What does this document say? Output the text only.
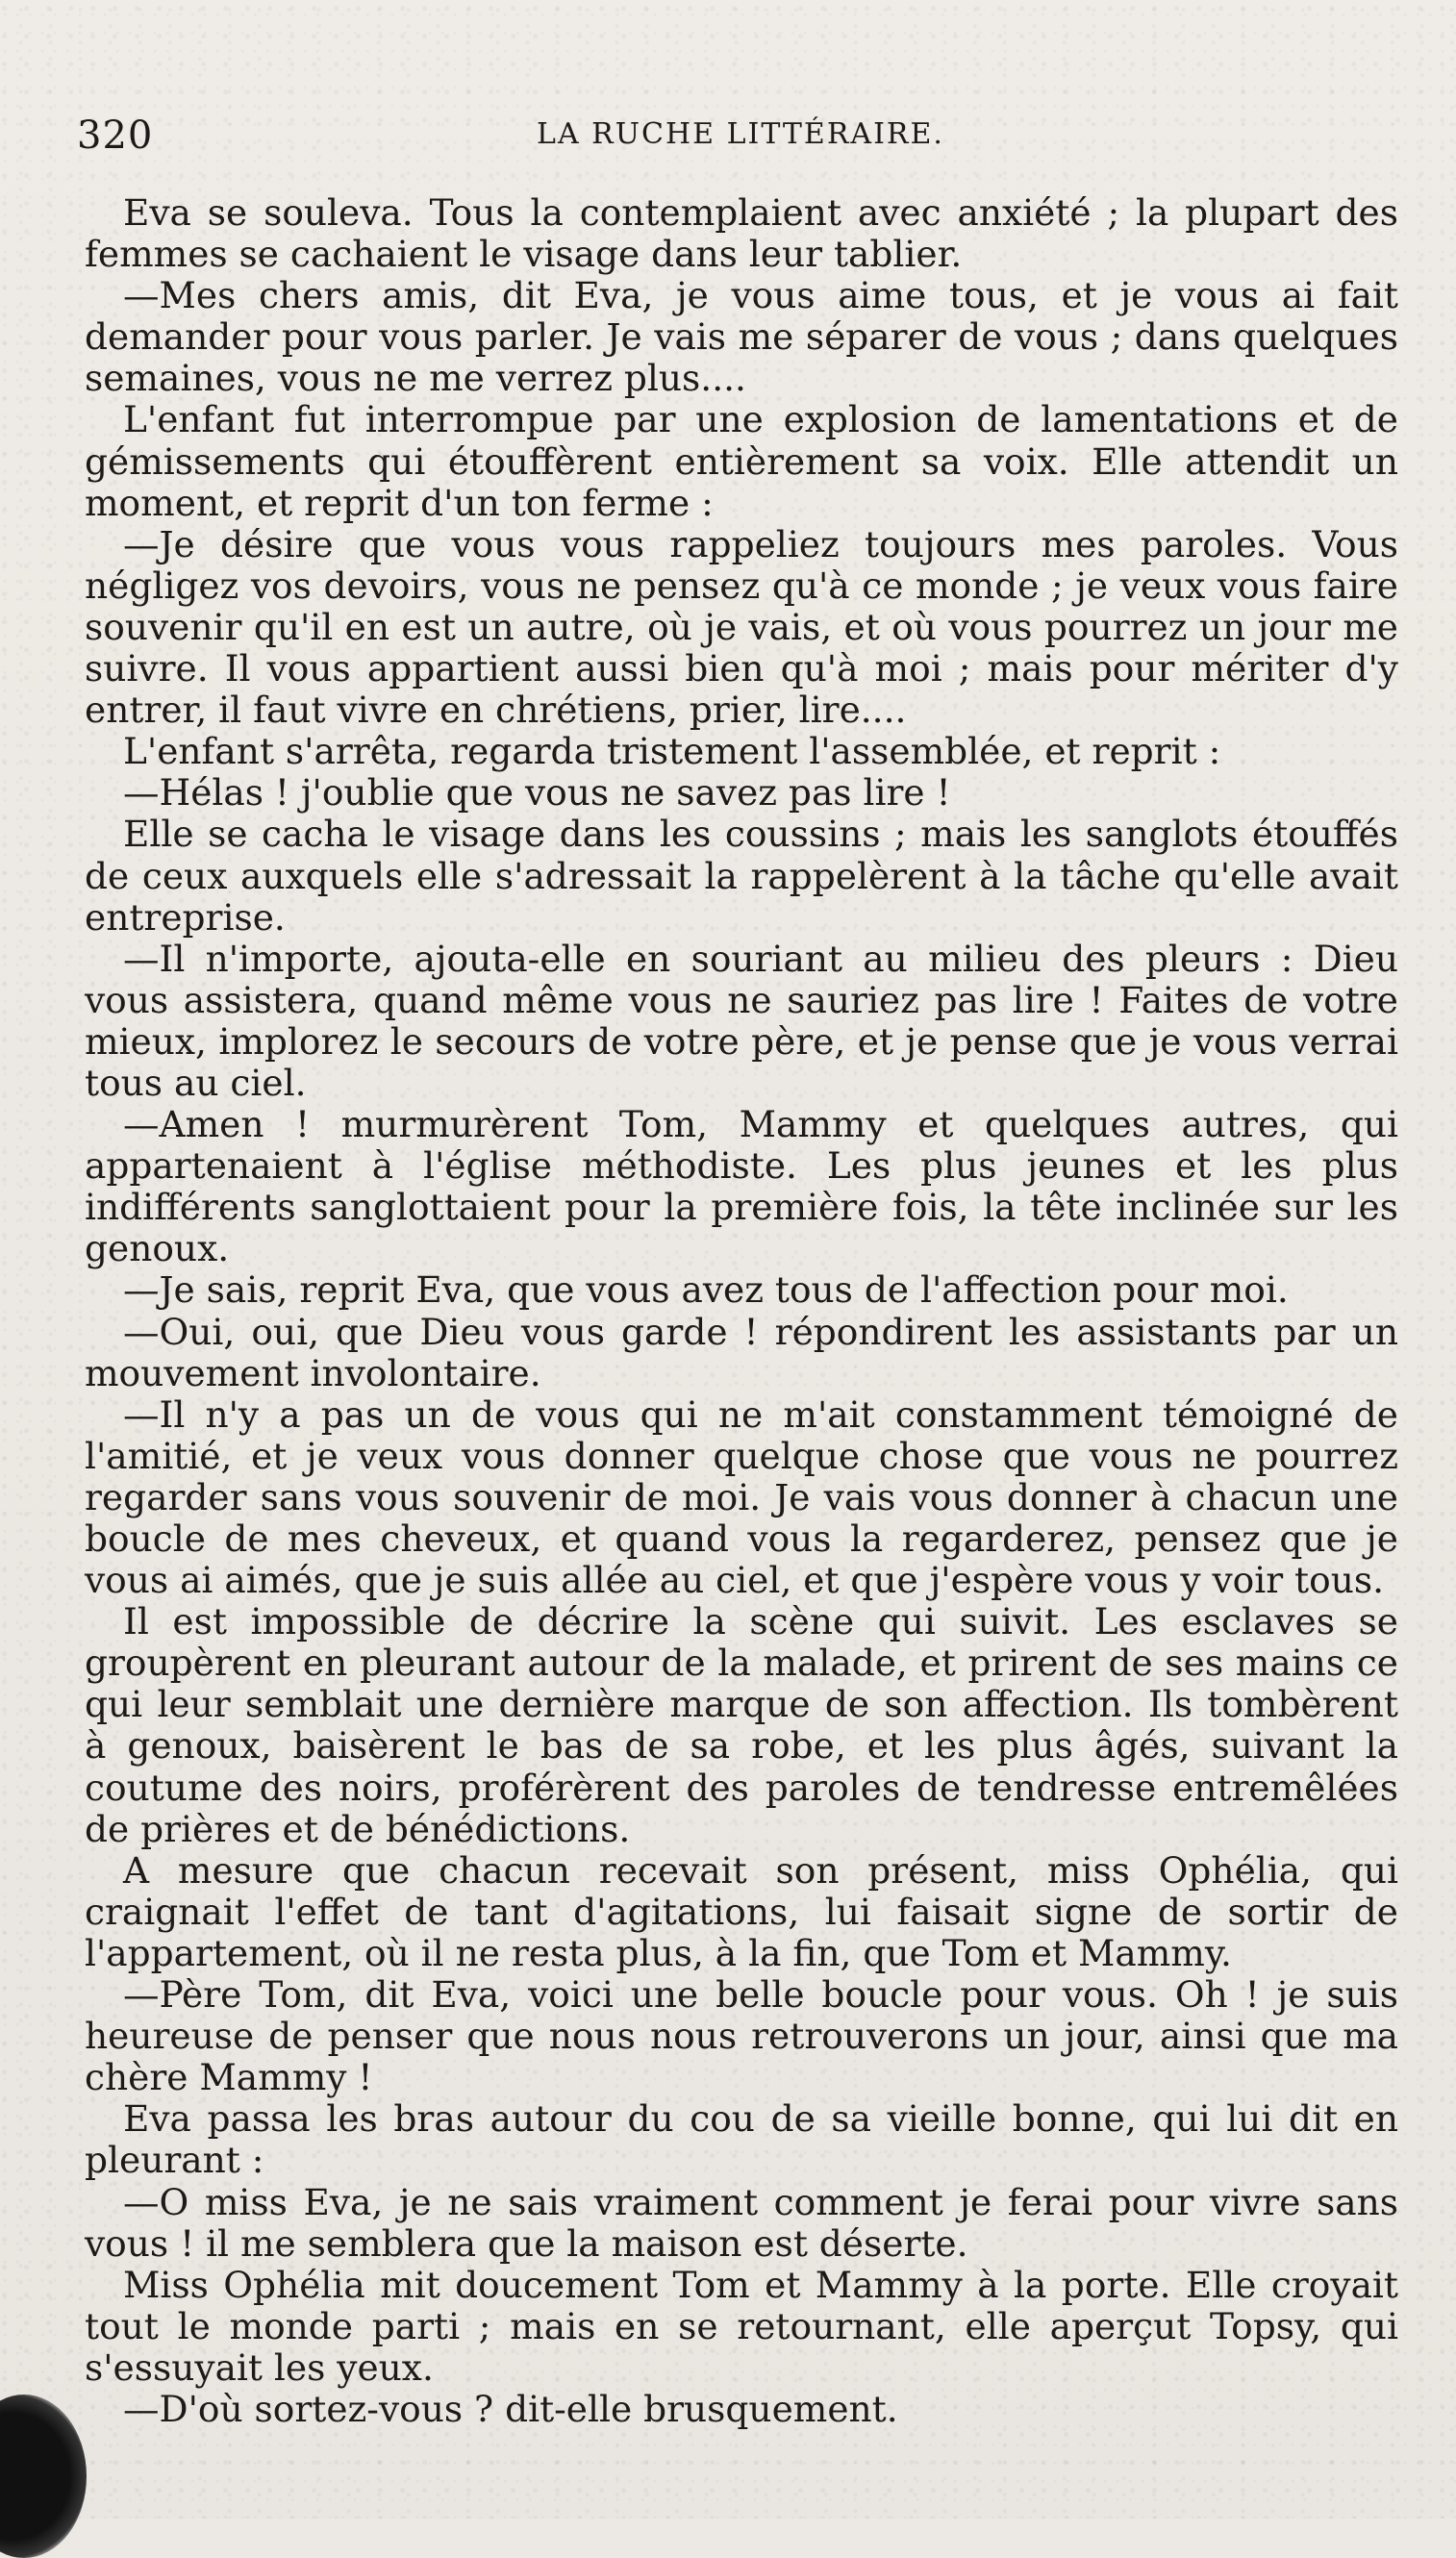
320	LA RUCHE LITTÉRAIRE.

Eva se souleva. Tous la contemplaient avec anxiété ; la plupart des femmes se cachaient le visage dans leur tablier.

—Mes chers amis, dit Eva, je vous aime tous, et je vous ai fait demander pour vous parler. Je vais me séparer de vous ; dans quelques semaines, vous ne me verrez plus....

L'enfant fut interrompue par une explosion de lamentations et de gémissements qui étouffèrent entièrement sa voix. Elle attendit un moment, et reprit d'un ton ferme :

—Je désire que vous vous rappeliez toujours mes paroles. Vous négligez vos devoirs, vous ne pensez qu'à ce monde ; je veux vous faire souvenir qu'il en est un autre, où je vais, et où vous pourrez un jour me suivre. Il vous appartient aussi bien qu'à moi ; mais pour mériter d'y entrer, il faut vivre en chrétiens, prier, lire....

L'enfant s'arrêta, regarda tristement l'assemblée, et reprit :

—Hélas ! j'oublie que vous ne savez pas lire !

Elle se cacha le visage dans les coussins ; mais les sanglots étouffés de ceux auxquels elle s'adressait la rappelèrent à la tâche qu'elle avait entreprise.

—Il n'importe, ajouta-elle en souriant au milieu des pleurs : Dieu vous assistera, quand même vous ne sauriez pas lire ! Faites de votre mieux, implorez le secours de votre père, et je pense que je vous verrai tous au ciel.

—Amen ! murmurèrent Tom, Mammy et quelques autres, qui appartenaient à l'église méthodiste. Les plus jeunes et les plus indifférents sanglottaient pour la première fois, la tête inclinée sur les genoux.

—Je sais, reprit Eva, que vous avez tous de l'affection pour moi.

—Oui, oui, que Dieu vous garde ! répondirent les assistants par un mouvement involontaire.

—Il n'y a pas un de vous qui ne m'ait constamment témoigné de l'amitié, et je veux vous donner quelque chose que vous ne pourrez regarder sans vous souvenir de moi. Je vais vous donner à chacun une boucle de mes cheveux, et quand vous la regarderez, pensez que je vous ai aimés, que je suis allée au ciel, et que j'espère vous y voir tous.

Il est impossible de décrire la scène qui suivit. Les esclaves se groupèrent en pleurant autour de la malade, et prirent de ses mains ce qui leur semblait une dernière marque de son affection. Ils tombèrent à genoux, baisèrent le bas de sa robe, et les plus âgés, suivant la coutume des noirs, proférèrent des paroles de tendresse entremêlées de prières et de bénédictions.

A mesure que chacun recevait son présent, miss Ophélia, qui craignait l'effet de tant d'agitations, lui faisait signe de sortir de l'appartement, où il ne resta plus, à la fin, que Tom et Mammy.

—Père Tom, dit Eva, voici une belle boucle pour vous. Oh ! je suis heureuse de penser que nous nous retrouverons un jour, ainsi que ma chère Mammy !

Eva passa les bras autour du cou de sa vieille bonne, qui lui dit en pleurant :

—O miss Eva, je ne sais vraiment comment je ferai pour vivre sans vous ! il me semblera que la maison est déserte.

Miss Ophélia mit doucement Tom et Mammy à la porte. Elle croyait tout le monde parti ; mais en se retournant, elle aperçut Topsy, qui s'essuyait les yeux.

—D'où sortez-vous ? dit-elle brusquement.
